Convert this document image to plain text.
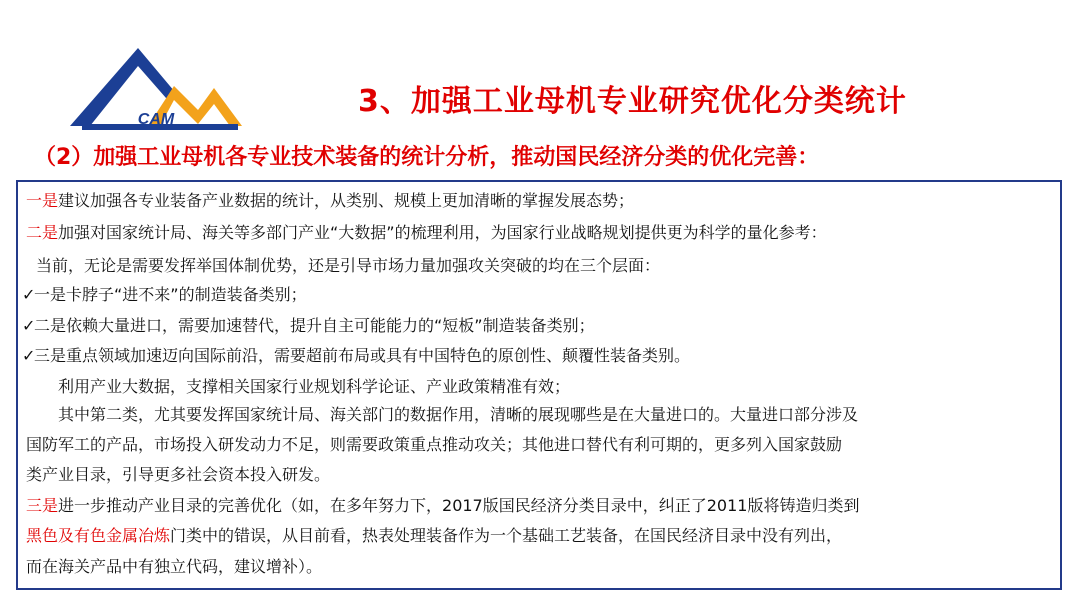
CAM
3、加强工业母机专业研究优化分类统计
（2）加强工业母机各专业技术装备的统计分析，推动国民经济分类的优化完善：
一是建议加强各专业装备产业数据的统计，从类别、规模上更加清晰的掌握发展态势；
二是加强对国家统计局、海关等多部门产业“大数据”的梳理利用，为国家行业战略规划提供更为科学的量化参考：
当前，无论是需要发挥举国体制优势，还是引导市场力量加强攻关突破的均在三个层面：
✓一是卡脖子“进不来”的制造装备类别；
✓二是依赖大量进口，需要加速替代，提升自主可能能力的“短板”制造装备类别；
✓三是重点领域加速迈向国际前沿，需要超前布局或具有中国特色的原创性、颠覆性装备类别。
利用产业大数据，支撑相关国家行业规划科学论证、产业政策精准有效；
其中第二类，尤其要发挥国家统计局、海关部门的数据作用，清晰的展现哪些是在大量进口的。大量进口部分涉及
国防军工的产品，市场投入研发动力不足，则需要政策重点推动攻关；其他进口替代有利可期的，更多列入国家鼓励
类产业目录，引导更多社会资本投入研发。
三是进一步推动产业目录的完善优化（如，在多年努力下，2017版国民经济分类目录中，纠正了2011版将铸造归类到
黑色及有色金属冶炼门类中的错误，从目前看，热表处理装备作为一个基础工艺装备，在国民经济目录中没有列出，
而在海关产品中有独立代码，建议增补）。
